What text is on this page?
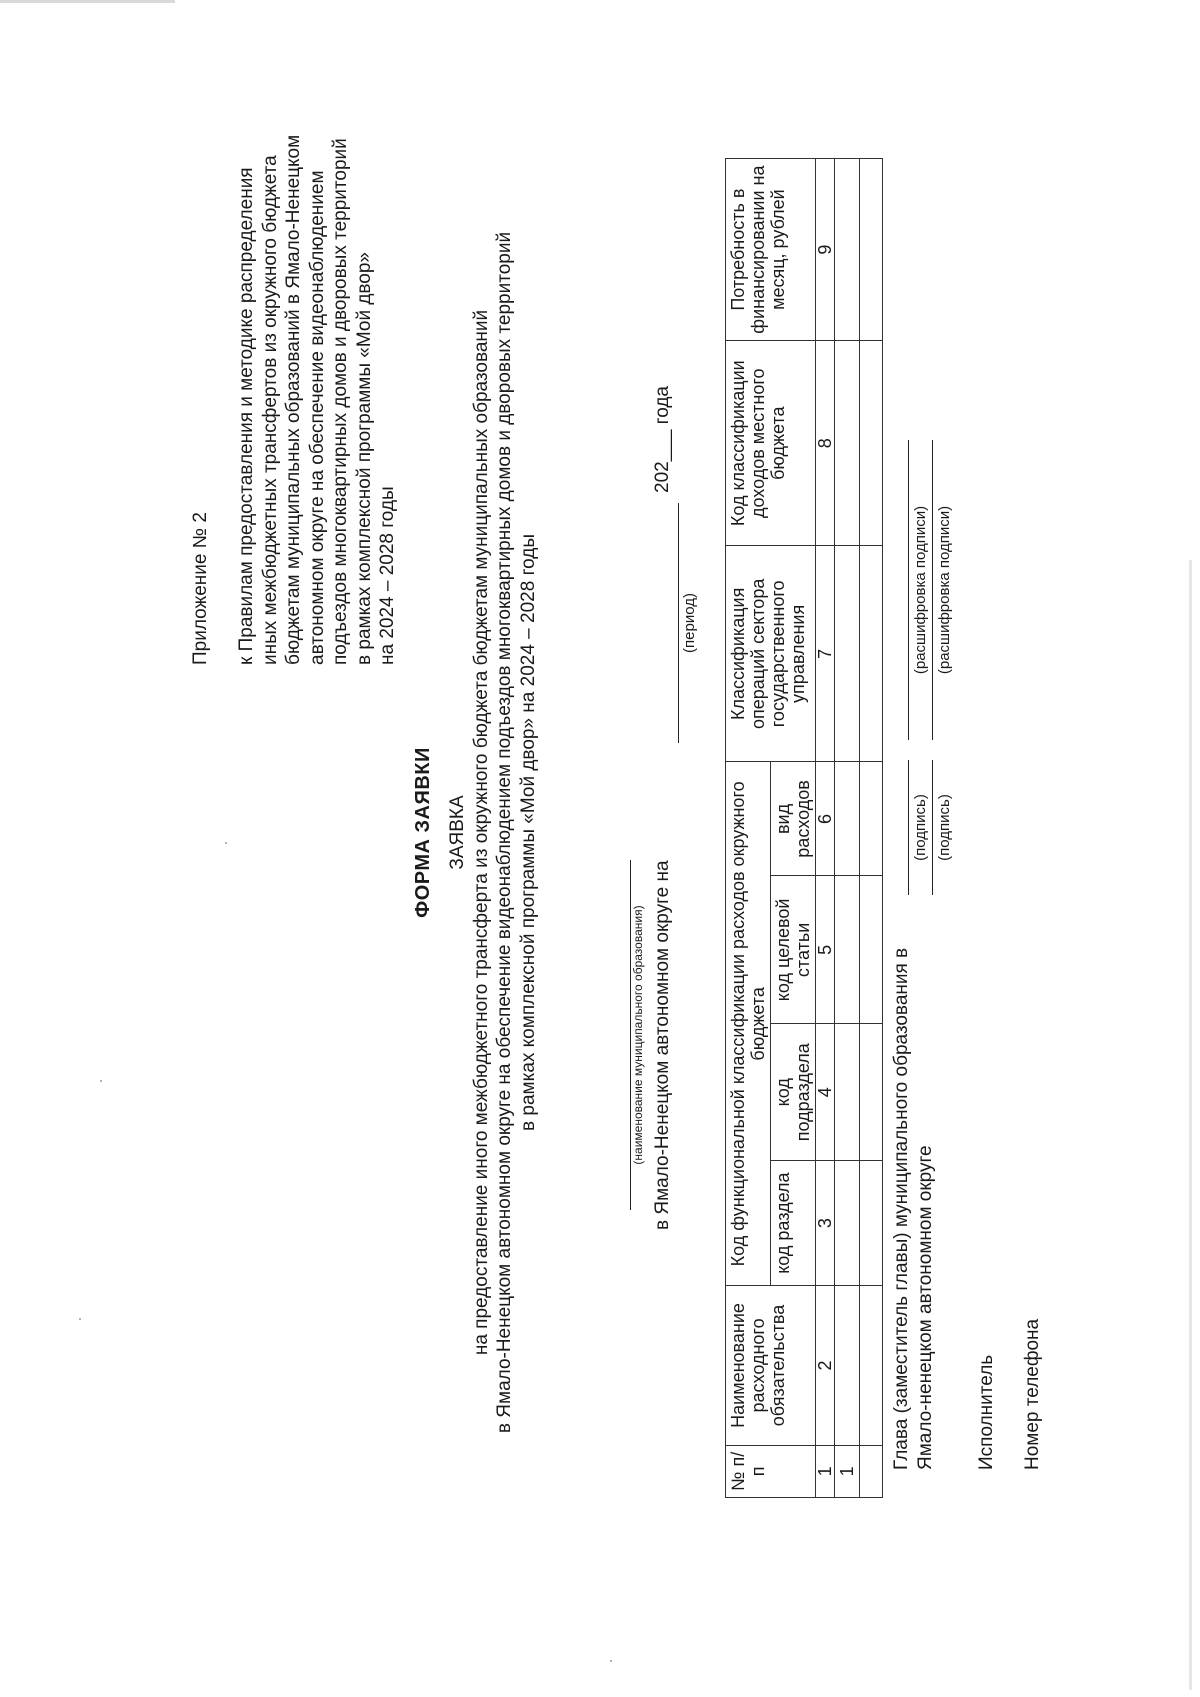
Приложение № 2 к Правилам предоставления и методике распределения иных межбюджетных трансфертов из окружного бюджета бюджетам муниципальных образований в Ямало-Ненецком автономном округе на обеспечение видеонаблюдением подъездов многоквартирных домов и дворовых территорий в рамках комплексной программы «Мой двор» на 2024 – 2028 годы
ФОРМА ЗАЯВКИ ЗАЯВКА на предоставление иного межбюджетного трансферта из окружного бюджета бюджетам муниципальных образований в Ямало-Ненецком автономном округе на обеспечение видеонаблюдением подъездов многоквартирных домов и дворовых территорий в рамках комплексной программы «Мой двор» на 2024 – 2028 годы	(наименование муниципального образования) в Ямало-Ненецком автономном округе на
202___ года
(период)
№ п/п	Наименование расходного обязательства	Код функциональной классификации расходов окружного бюджета				Классификация операций сектора государственного управления	Код классификации доходов местного бюджета	Потребность в финансировании на месяц, рублей
		код раздела	код подраздела	код целевой статьи	вид расходов			
1	2	3	4	5	6	7	8	9
1								

Глава (заместитель главы) муниципального образования в Ямало-ненецком автономном округе
(подпись)
(расшифровка подписи)
Исполнитель
(подпись)
(расшифровка подписи)
Номер телефона
